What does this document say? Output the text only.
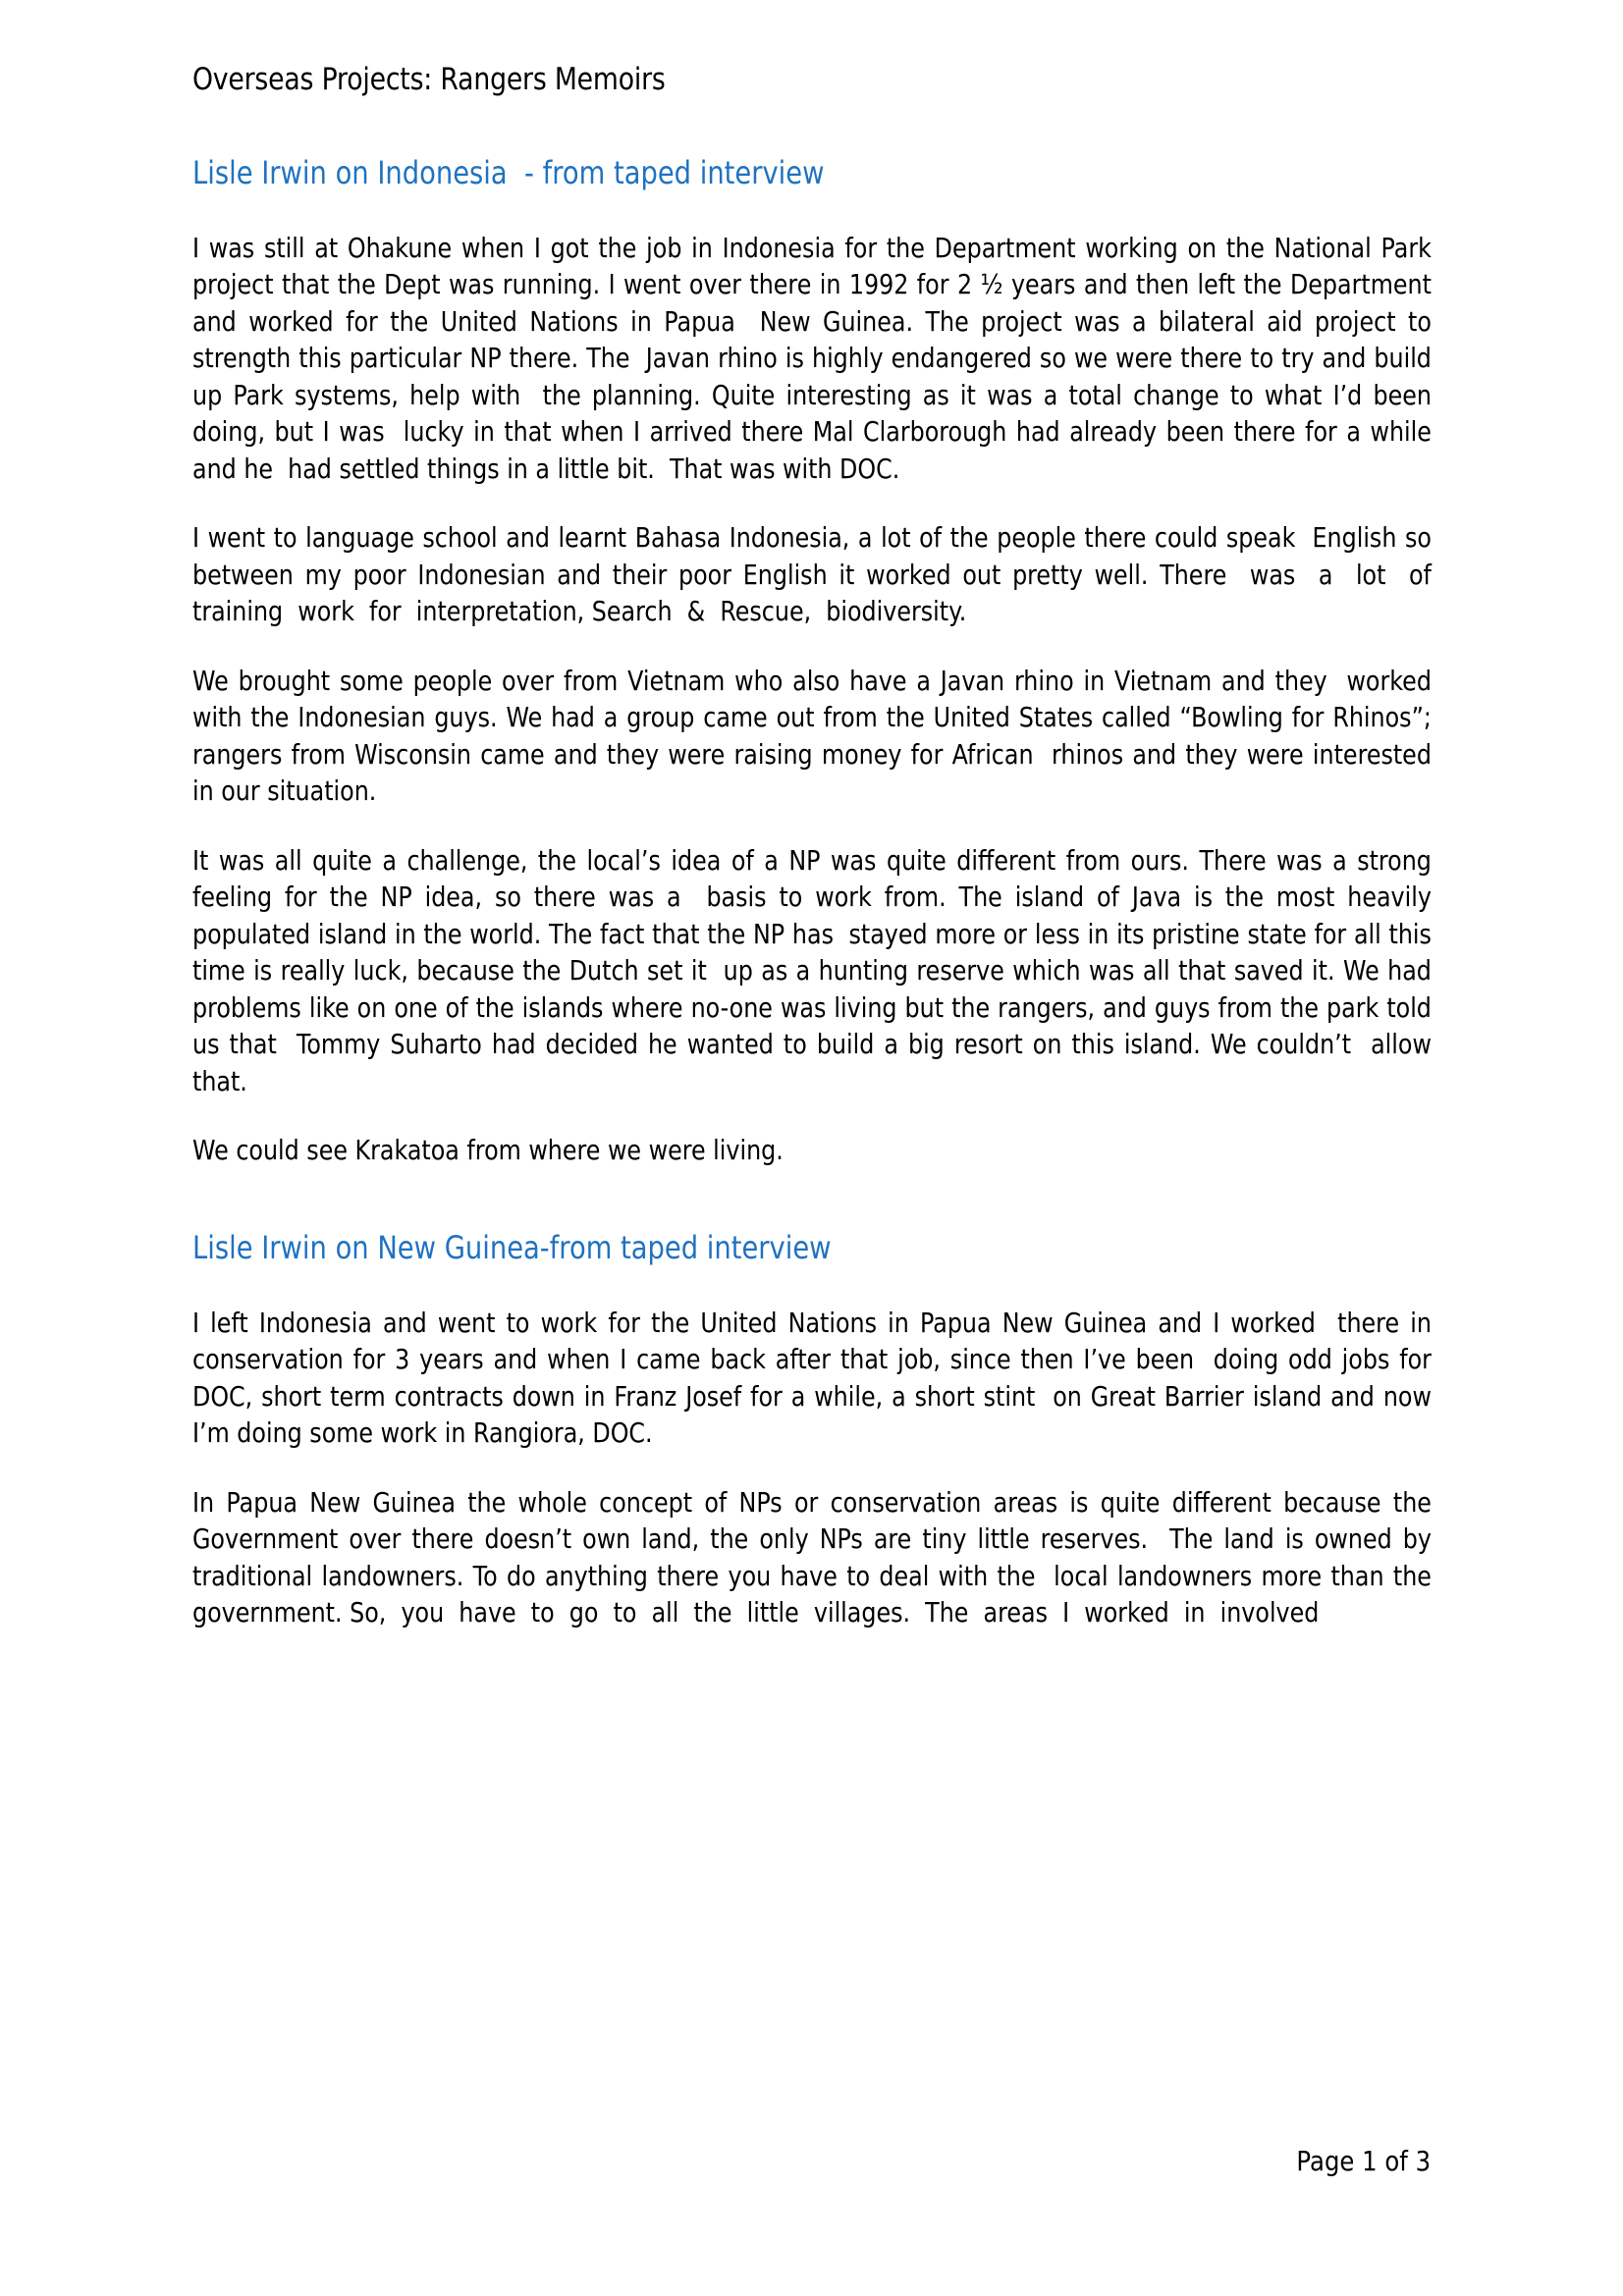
Overseas Projects: Rangers Memoirs
Lisle Irwin on Indonesia  - from taped interview

I was still at Ohakune when I got the job in Indonesia for the Department working on the National Park project that the Dept was running. I went over there in 1992 for 2 ½ years and then left the Department and worked for the United Nations in Papua  New Guinea. The project was a bilateral aid project to strength this particular NP there. The  Javan rhino is highly endangered so we were there to try and build up Park systems, help with  the planning. Quite interesting as it was a total change to what I’d been doing, but I was  lucky in that when I arrived there Mal Clarborough had already been there for a while and he  had settled things in a little bit.  That was with DOC.

I went to language school and learnt Bahasa Indonesia, a lot of the people there could speak  English so between my poor Indonesian and their poor English it worked out pretty well. There  was  a  lot  of  training  work  for  interpretation, Search  &  Rescue,  biodiversity.

We brought some people over from Vietnam who also have a Javan rhino in Vietnam and they  worked with the Indonesian guys. We had a group came out from the United States called “Bowling for Rhinos”; rangers from Wisconsin came and they were raising money for African  rhinos and they were interested in our situation.

It was all quite a challenge, the local’s idea of a NP was quite different from ours. There was a strong feeling for the NP idea, so there was a  basis to work from. The island of Java is the most heavily populated island in the world. The fact that the NP has  stayed more or less in its pristine state for all this time is really luck, because the Dutch set it  up as a hunting reserve which was all that saved it. We had problems like on one of the islands where no-one was living but the rangers, and guys from the park told us that  Tommy Suharto had decided he wanted to build a big resort on this island. We couldn’t  allow that.

We could see Krakatoa from where we were living.

Lisle Irwin on New Guinea-from taped interview

I left Indonesia and went to work for the United Nations in Papua New Guinea and I worked  there in conservation for 3 years and when I came back after that job, since then I’ve been  doing odd jobs for DOC, short term contracts down in Franz Josef for a while, a short stint  on Great Barrier island and now I’m doing some work in Rangiora, DOC.

In Papua New Guinea the whole concept of NPs or conservation areas is quite different because the Government over there doesn’t own land, the only NPs are tiny little reserves.  The land is owned by traditional landowners. To do anything there you have to deal with the  local landowners more than the government. So,  you  have  to  go  to  all  the  little  villages.  The  areas  I  worked  in  involved

Page 1 of 3
